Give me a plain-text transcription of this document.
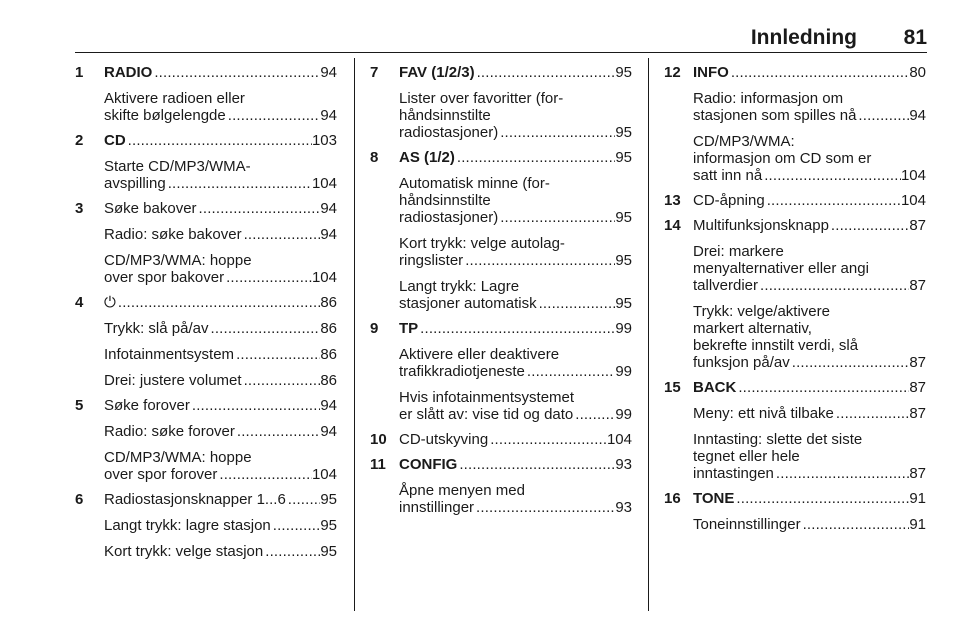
Innledning 81
1 RADIO . . .	94
Aktivere radioen eller
skifte bølgelengde . . .	94
2 CD . . .	103
Starte CD/MP3/WMA-
avspilling . . .	104
3 Søke bakover . . .	94
Radio: søke bakover . . .	94
CD/MP3/WMA: hoppe
over spor bakover . . .	104
4 ⏻ . . .	86
Trykk: slå på/av . . .	86
Infotainmentsystem . . .	86
Drei: justere volumet . . .	86
5 Søke forover . . .	94
Radio: søke forover . . .	94
CD/MP3/WMA: hoppe
over spor forover . . .	104
6 Radiostasjonsknapper 1...6 . . . 95
Langt trykk: lagre stasjon . . .	95
Kort trykk: velge stasjon . . .	95
7 FAV (1/2/3) . . .	95
Lister over favoritter (for-
håndsinnstilte
radiostasjoner) . . .	95
8 AS (1/2) . . .	95
Automatisk minne (for-
håndsinnstilte
radiostasjoner) . . .	95
Kort trykk: velge autolag-
ringslister . . .	95
Langt trykk: Lagre
stasjoner automatisk . . .	95
9 TP . . .	99
Aktivere eller deaktivere
trafikkradiotjeneste . . .	99
Hvis infotainmentsystemet
er slått av: vise tid og dato . . .	99
10 CD-utskyving . . .	104
11 CONFIG . . .	93
Åpne menyen med
innstillinger . . .	93
12 INFO . . .	80
Radio: informasjon om
stasjonen som spilles nå . . .	94
CD/MP3/WMA:
informasjon om CD som er
satt inn nå . . .	104
13 CD-åpning . . .	104
14 Multifunksjonsknapp . . .	87
Drei: markere
menyalternativer eller angi
tallverdier . . .	87
Trykk: velge/aktivere
markert alternativ,
bekrefte innstilt verdi, slå
funksjon på/av . . .	87
15 BACK . . .	87
Meny: ett nivå tilbake . . .	87
Inntasting: slette det siste
tegnet eller hele
inntastingen . . .	87
16 TONE . . .	91
Toneinnstillinger . . .	91
